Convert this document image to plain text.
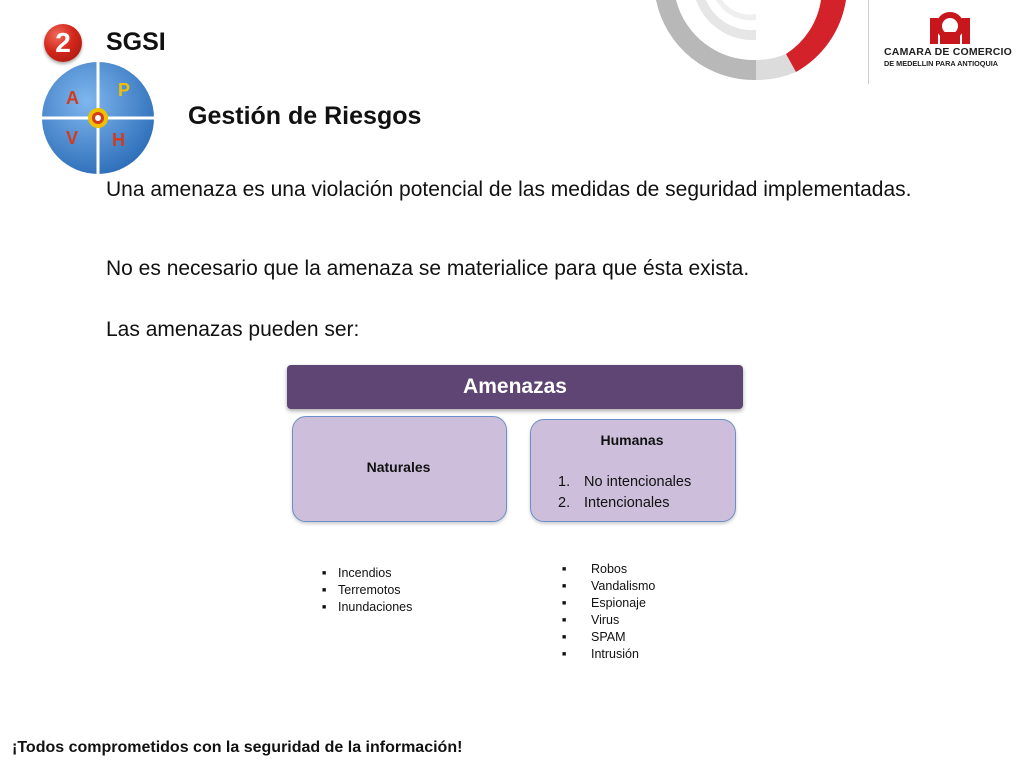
CAMARA DE COMERCIO
DE MEDELLIN PARA ANTIOQUIA
A P
V H
2	SGSI
Gestión de Riesgos
Una amenaza es una violación potencial de las medidas de seguridad implementadas.
No es necesario que la amenaza se materialice para que ésta exista.
Las amenazas pueden ser:
Amenazas
Naturales
Humanas
1. No intencionales
2. Intencionales
■ Incendios
■ Terremotos
■ Inundaciones
■ Robos
■ Vandalismo
■ Espionaje
■ Virus
■ SPAM
■ Intrusión
¡Todos comprometidos con la seguridad de la información!
